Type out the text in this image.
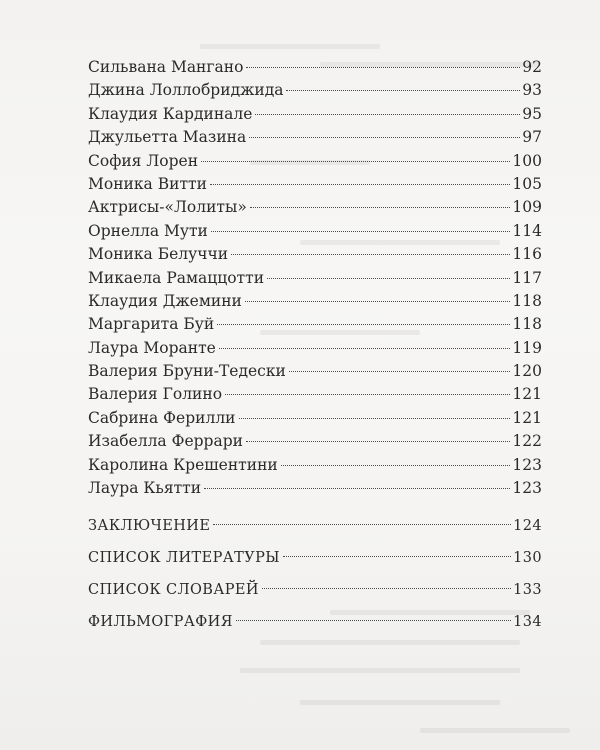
Сильвана Мангано	92
Джина Лоллобриджида	93
Клаудия Кардинале	95
Джульетта Мазина	97
София Лорен	100
Моника Витти	105
Актрисы-«Лолиты»	109
Орнелла Мути	114
Моника Белуччи	116
Микаела Рамаццотти	117
Клаудия Джемини	118
Маргарита Буй	118
Лаура Моранте	119
Валерия Бруни-Тедески	120
Валерия Голино	121
Сабрина Ферилли	121
Изабелла Феррари	122
Каролина Крешентини	123
Лаура Кьятти	123
ЗАКЛЮЧЕНИЕ	124
СПИСОК ЛИТЕРАТУРЫ	130
СПИСОК СЛОВАРЕЙ	133
ФИЛЬМОГРАФИЯ	134
